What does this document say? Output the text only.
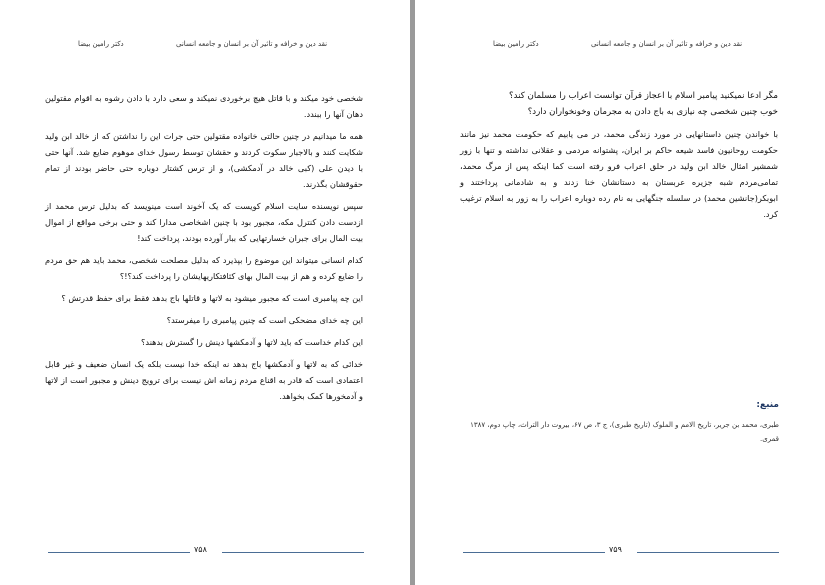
دکتر رامین بیضا	نقد دین و خرافه و تاثیر آن بر انسان و جامعه انسانی

شخصی خود میکند و با قاتل هیچ برخوردی نمیکند و سعی دارد با دادن رشوه به اقوام مقتولین دهان آنها را ببندد.

همه ما میدانیم در چنین حالتی خانواده مقتولین حتی جرات این را نداشتن که از خالد ابن ولید شکایت کنند و بالاجبار سکوت کردند و حقشان توسط رسول خدای موهوم ضایع شد. آنها حتی با دیدن علی (کبی خالد در آدمکشی)، و از ترس کشتار دوباره حتی حاضر بودند از تمام حقوقشان بگذرند.

سپس نویسنده سایت اسلام کویست که یک آخوند است مینویسد که بدلیل ترس محمد از ازدست دادن کنترل مکه، مجبور بود با چنین اشخاصی مدارا کند و حتی برخی مواقع از اموال بیت المال برای جبران خسارتهایی که ببار آورده بودند، پرداخت کند!

کدام انسانی میتواند این موضوع را بپذیرد که بدلیل مصلحت شخصی، محمد باید هم حق مردم را ضایع کرده و هم از بیت المال بهای کثافتکاریهایشان را پرداخت کند؟!؟

این چه پیامبری است که مجبور میشود به لاتها و قاتلها باج بدهد فقط برای حفظ قدرتش ؟

این چه خدای مضحکی است که چنین پیامبری را میفرستد؟

این کدام خداست که باید لاتها و آدمکشها دینش را گسترش بدهند؟

خدائی که به لاتها و آدمکشها باج بدهد نه اینکه خدا نیست بلکه یک انسان ضعیف و غیر قابل اعتمادی است که قادر به اقناع مردم زمانه اش نیست برای ترویج دینش و مجبور است از لاتها و آدمخورها کمک بخواهد.

۷۵۸
دکتر رامین بیضا	نقد دین و خرافه و تاثیر آن بر انسان و جامعه انسانی

مگر ادعا نمیکنید پیامبر اسلام با اعجاز قرآن توانست اعراب را مسلمان کند؟

خوب چنین شخصی چه نیازی به باج دادن به مجرمان وخونخواران دارد؟

با خواندن چنین داستانهایی در مورد زندگی محمد، در می یابیم که حکومت محمد نیز مانند حکومت روحانیون فاسد شیعه حاکم بر ایران، پشتوانه مردمی و عقلانی نداشته و تنها با زور شمشیر امثال خالد ابن ولید در حلق اعراب فرو رفته است کما اینکه پس از مرگ محمد، تمامی‌مردم شبه جزیره عربستان به دستانشان خنا زدند و به شادمانی پرداختند و ابوبکر(جانشین محمد) در سلسله جنگهایی به نام رده دوباره اعراب را به زور به اسلام ترغیب کرد.

منبع:
طبری، محمد بن جریر، تاریخ الامم و الملوک (تاریخ طبری)، ج ۳، ص ۶۷، بیروت دار التراث، چاپ دوم، ۱۳۸۷ قمری.
۷۵۹
